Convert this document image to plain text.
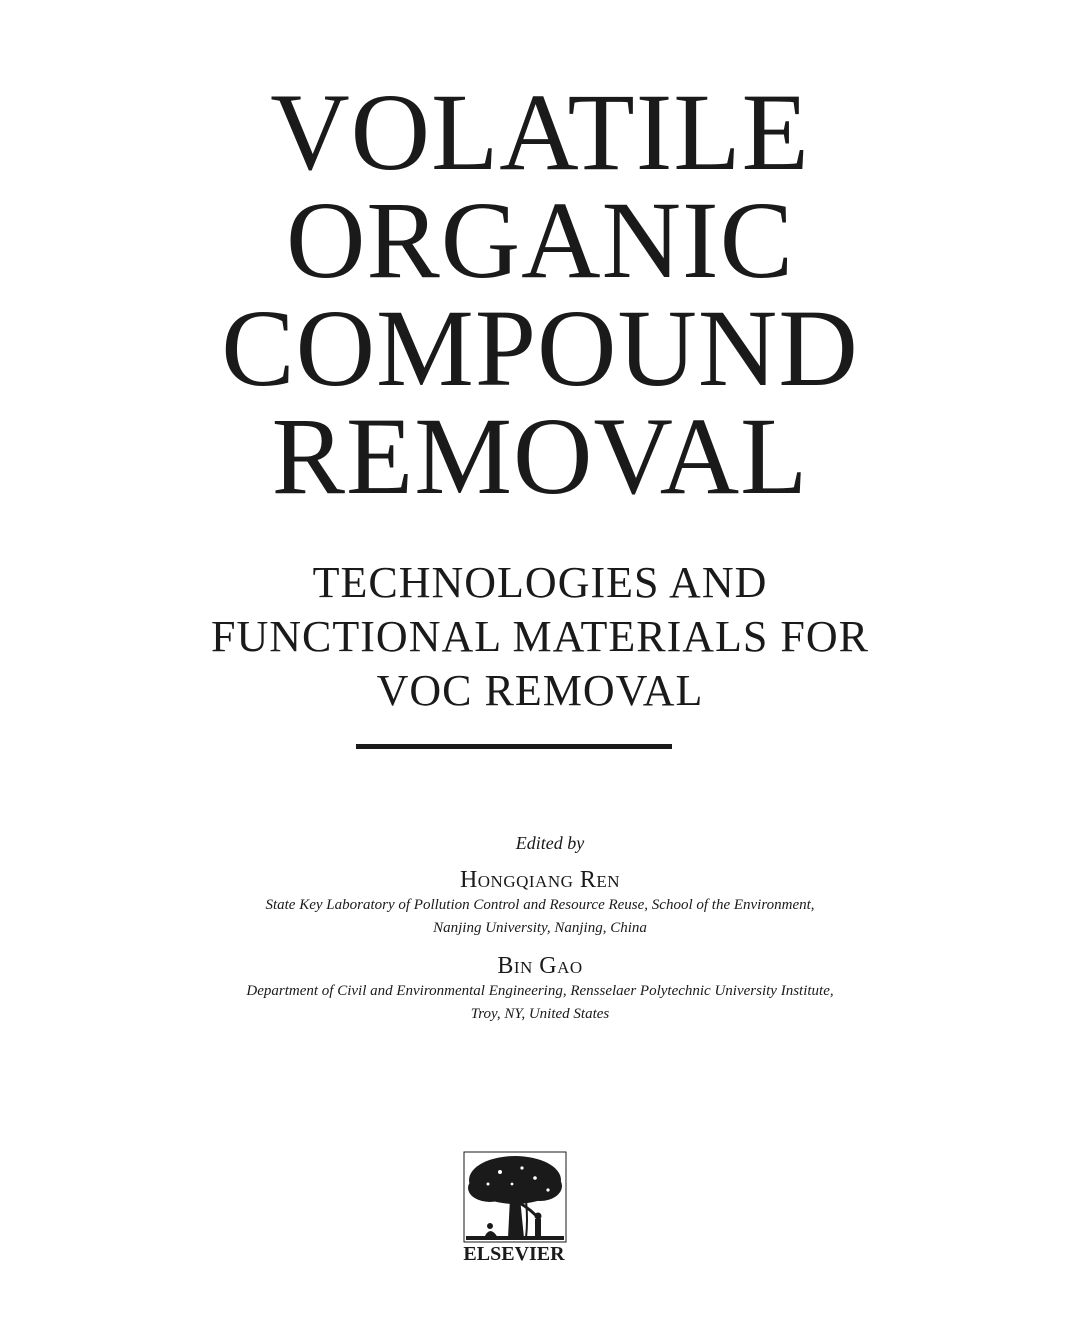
VOLATILE
ORGANIC
COMPOUND
REMOVAL
TECHNOLOGIES AND
FUNCTIONAL MATERIALS FOR
VOC REMOVAL
Edited by
Hongqiang Ren
State Key Laboratory of Pollution Control and Resource Reuse, School of the Environment,
Nanjing University, Nanjing, China
Bin Gao
Department of Civil and Environmental Engineering, Rensselaer Polytechnic University Institute,
Troy, NY, United States
ELSEVIER
